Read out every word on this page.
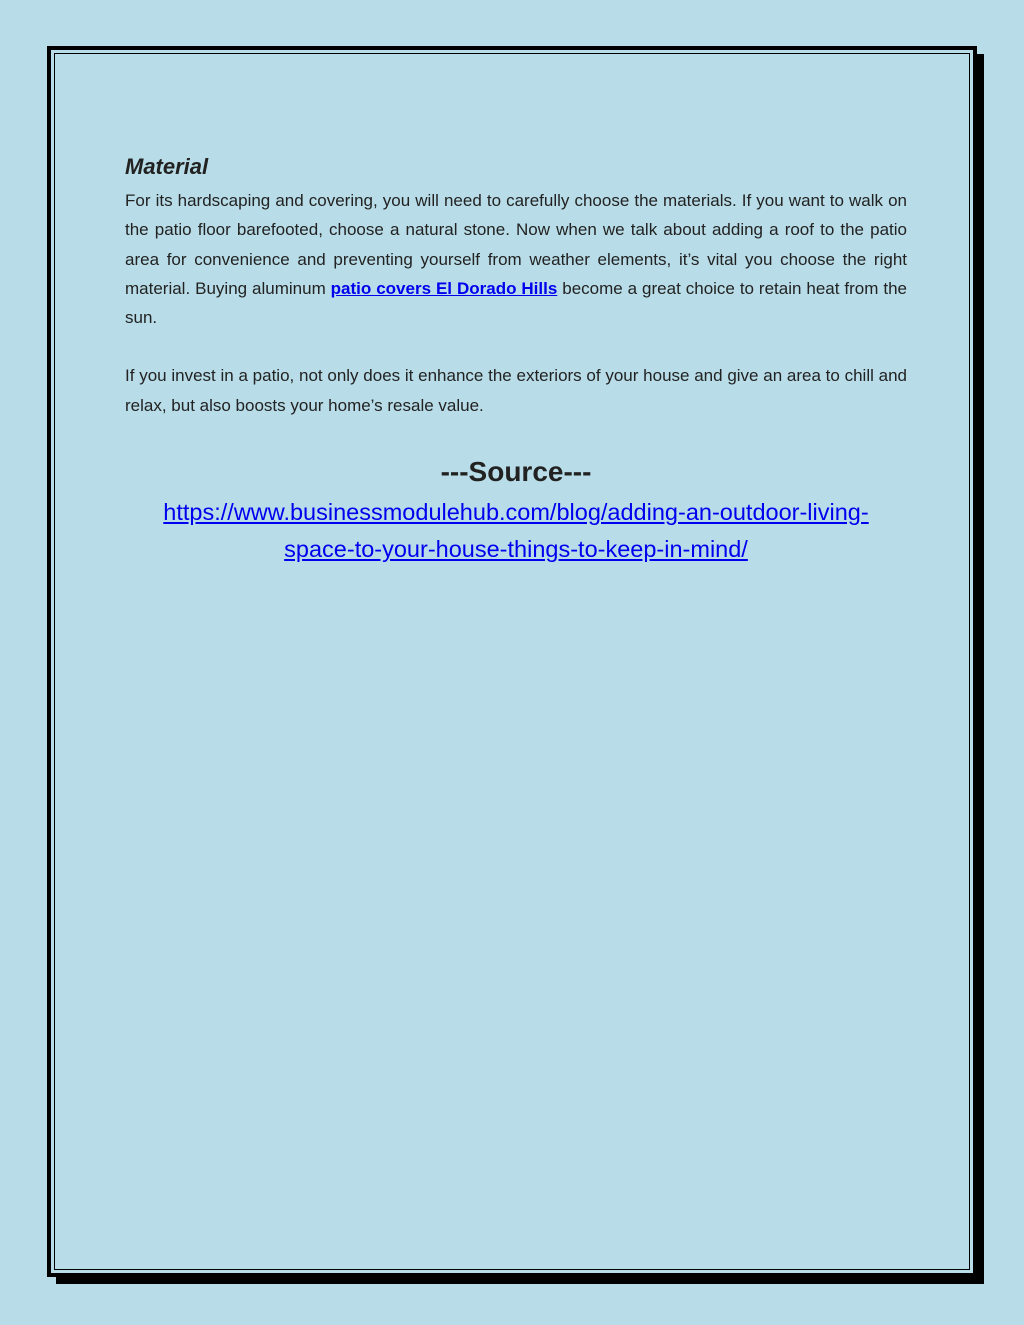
Material

For its hardscaping and covering, you will need to carefully choose the materials. If you want to walk on the patio floor barefooted, choose a natural stone. Now when we talk about adding a roof to the patio area for convenience and preventing yourself from weather elements, it’s vital you choose the right material. Buying aluminum patio covers El Dorado Hills become a great choice to retain heat from the sun.

If you invest in a patio, not only does it enhance the exteriors of your house and give an area to chill and relax, but also boosts your home’s resale value.

---Source---
https://www.businessmodulehub.com/blog/adding-an-outdoor-living-space-to-your-house-things-to-keep-in-mind/
